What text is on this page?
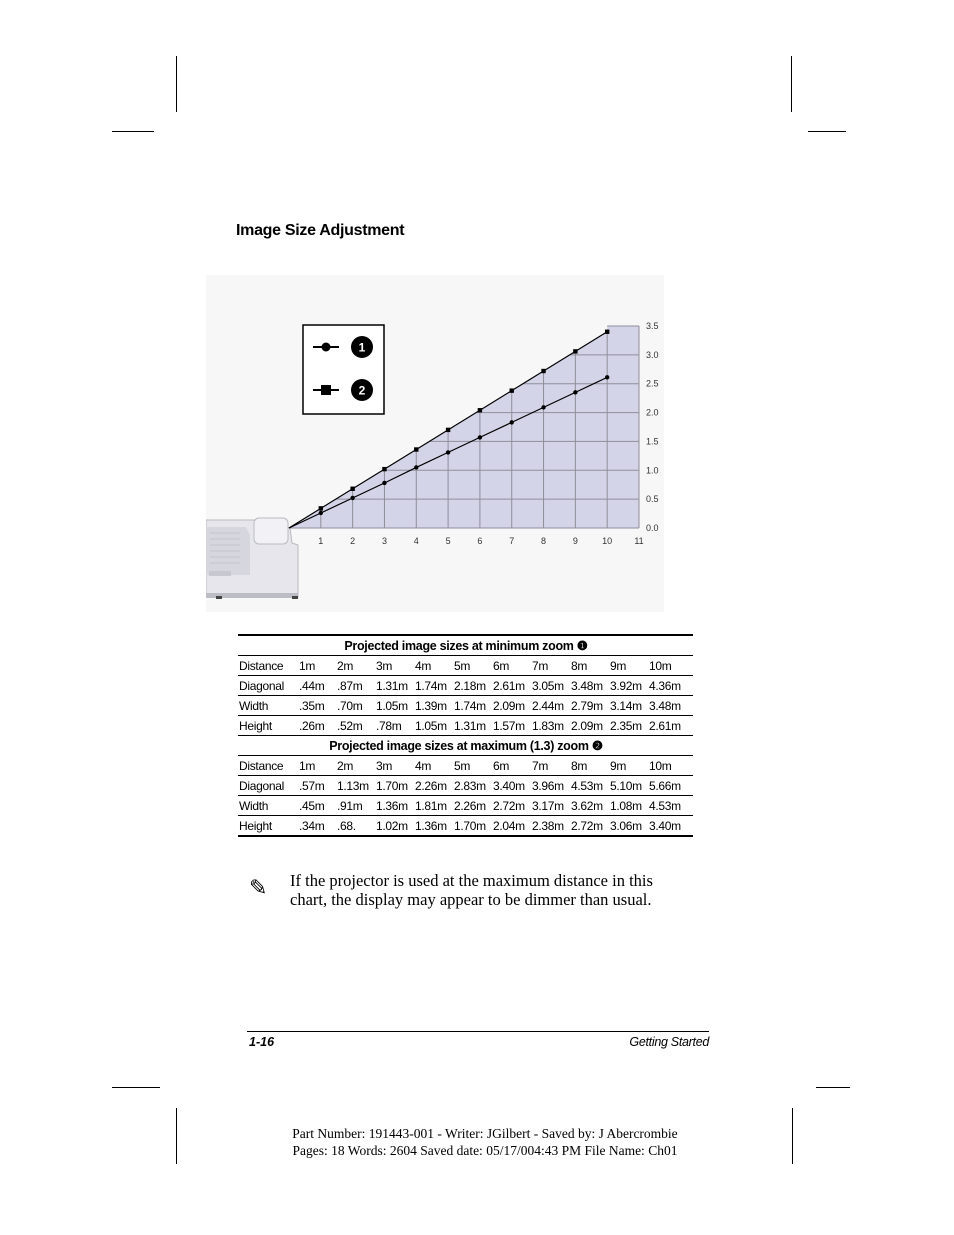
Image Size Adjustment
1	2	3	4	5	6	7	8	9	10 11
0.0
0.5
1.0
1.5
2.0
2.5
3.0
3.5
1
2
Projected image sizes at minimum zoom ❶										
Distance	1m	2m	3m	4m	5m	6m	7m	8m	9m	10m
Diagonal	.44m	.87m	1.31m	1.74m	2.18m	2.61m	3.05m	3.48m	3.92m	4.36m
Width	.35m	.70m	1.05m	1.39m	1.74m	2.09m	2.44m	2.79m	3.14m	3.48m
Height	.26m	.52m	.78m	1.05m	1.31m	1.57m	1.83m	2.09m	2.35m	2.61m
Projected image sizes at maximum (1.3) zoom ❷										
Distance	1m	2m	3m	4m	5m	6m	7m	8m	9m	10m
Diagonal	.57m	1.13m	1.70m	2.26m	2.83m	3.40m	3.96m	4.53m	5.10m	5.66m
Width	.45m	.91m	1.36m	1.81m	2.26m	2.72m	3.17m	3.62m	1.08m	4.53m
Height	.34m	.68.	1.02m	1.36m	1.70m	2.04m	2.38m	2.72m	3.06m	3.40m
✎ If the projector is used at the maximum distance in this chart, the display may appear to be dimmer than usual.
1-16	Getting Started
Part Number: 191443-001 - Writer: JGilbert - Saved by: J Abercrombie
Pages: 18 Words: 2604 Saved date: 05/17/004:43 PM File Name: Ch01
